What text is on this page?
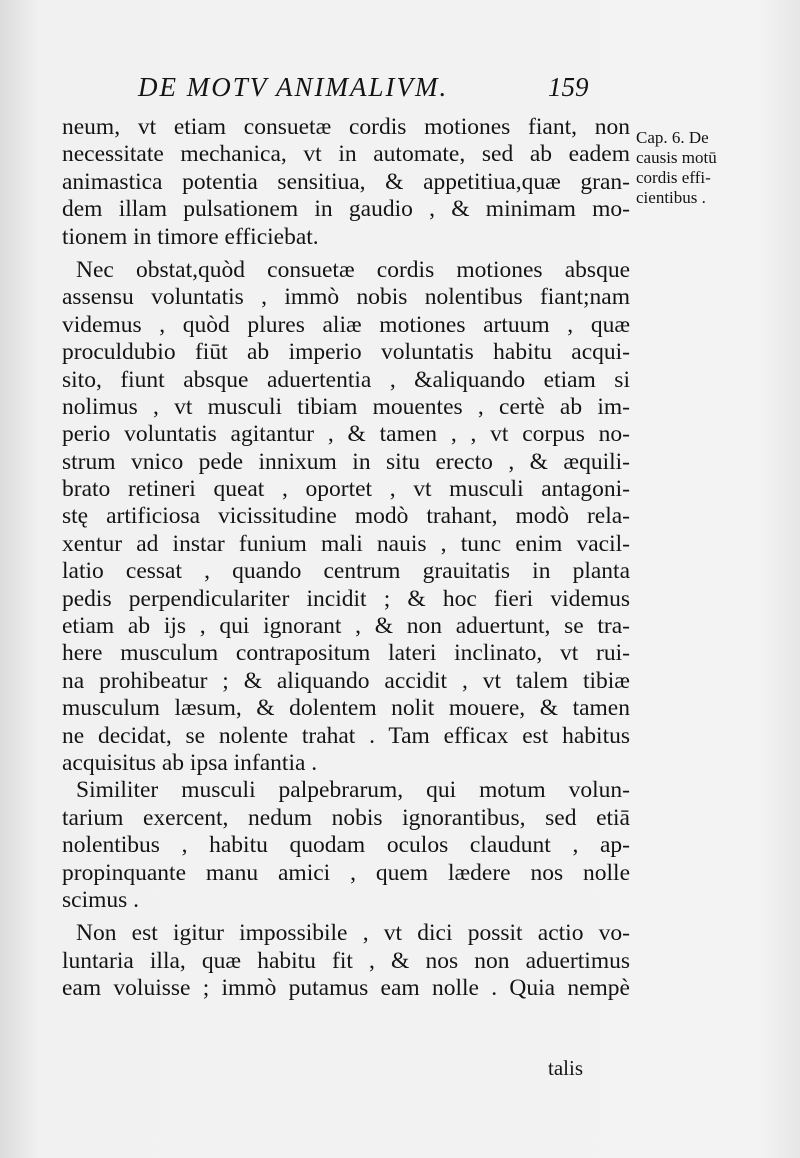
DE MOTV ANIMALIVM.	159
neum, vt etiam consuetæ cordis motiones fiant, non
necessitate mechanica, vt in automate, sed ab eadem
animastica potentia sensitiua, & appetitiua,quæ gran-
dem illam pulsationem in gaudio , & minimam mo-
tionem in timore efficiebat.
Nec obstat,quòd consuetæ cordis motiones absque
assensu voluntatis , immò nobis nolentibus fiant;nam
videmus , quòd plures aliæ motiones artuum , quæ
proculdubio fiūt ab imperio voluntatis habitu acqui-
sito, fiunt absque aduertentia , &aliquando etiam si
nolimus , vt musculi tibiam mouentes , certè ab im-
perio voluntatis agitantur , & tamen , , vt corpus no-
strum vnico pede innixum in situ erecto , & æquili-
brato retineri queat , oportet , vt musculi antagoni-
stę artificiosa vicissitudine modò trahant, modò rela-
xentur ad instar funium mali nauis , tunc enim vacil-
latio cessat , quando centrum grauitatis in planta
pedis perpendiculariter incidit ; & hoc fieri videmus
etiam ab ijs , qui ignorant , & non aduertunt, se tra-
here musculum contrapositum lateri inclinato, vt rui-
na prohibeatur ; & aliquando accidit , vt talem tibiæ
musculum læsum, & dolentem nolit mouere, & tamen
ne decidat, se nolente trahat . Tam efficax est habitus
acquisitus ab ipsa infantia .
Similiter musculi palpebrarum, qui motum volun-
tarium exercent, nedum nobis ignorantibus, sed etiā
nolentibus , habitu quodam oculos claudunt , ap-
propinquante manu amici , quem lædere nos nolle
scimus .
Non est igitur impossibile , vt dici possit actio vo-
luntaria illa, quæ habitu fit , & nos non aduertimus
eam voluisse ; immò putamus eam nolle . Quia nempè
Cap. 6. De
causis motū
cordis effi-
cientibus .
talis
